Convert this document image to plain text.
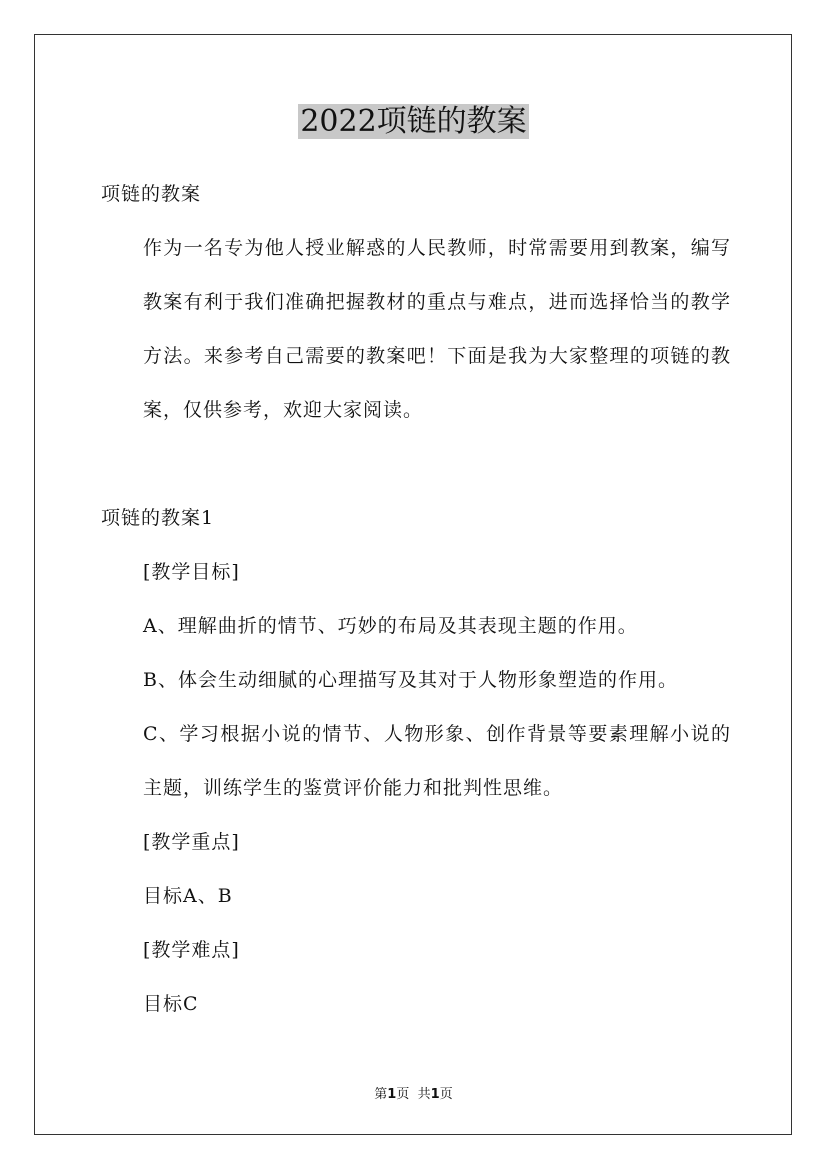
2022项链的教案

项链的教案

作为一名专为他人授业解惑的人民教师，时常需要用到教案，编写教案有利于我们准确把握教材的重点与难点，进而选择恰当的教学方法。来参考自己需要的教案吧！下面是我为大家整理的项链的教案，仅供参考，欢迎大家阅读。

项链的教案1

[教学目标]

A、理解曲折的情节、巧妙的布局及其表现主题的作用。

B、体会生动细腻的心理描写及其对于人物形象塑造的作用。

C、学习根据小说的情节、人物形象、创作背景等要素理解小说的主题，训练学生的鉴赏评价能力和批判性思维。

[教学重点]

目标A、B

[教学难点]

目标C

第1页 共1页
